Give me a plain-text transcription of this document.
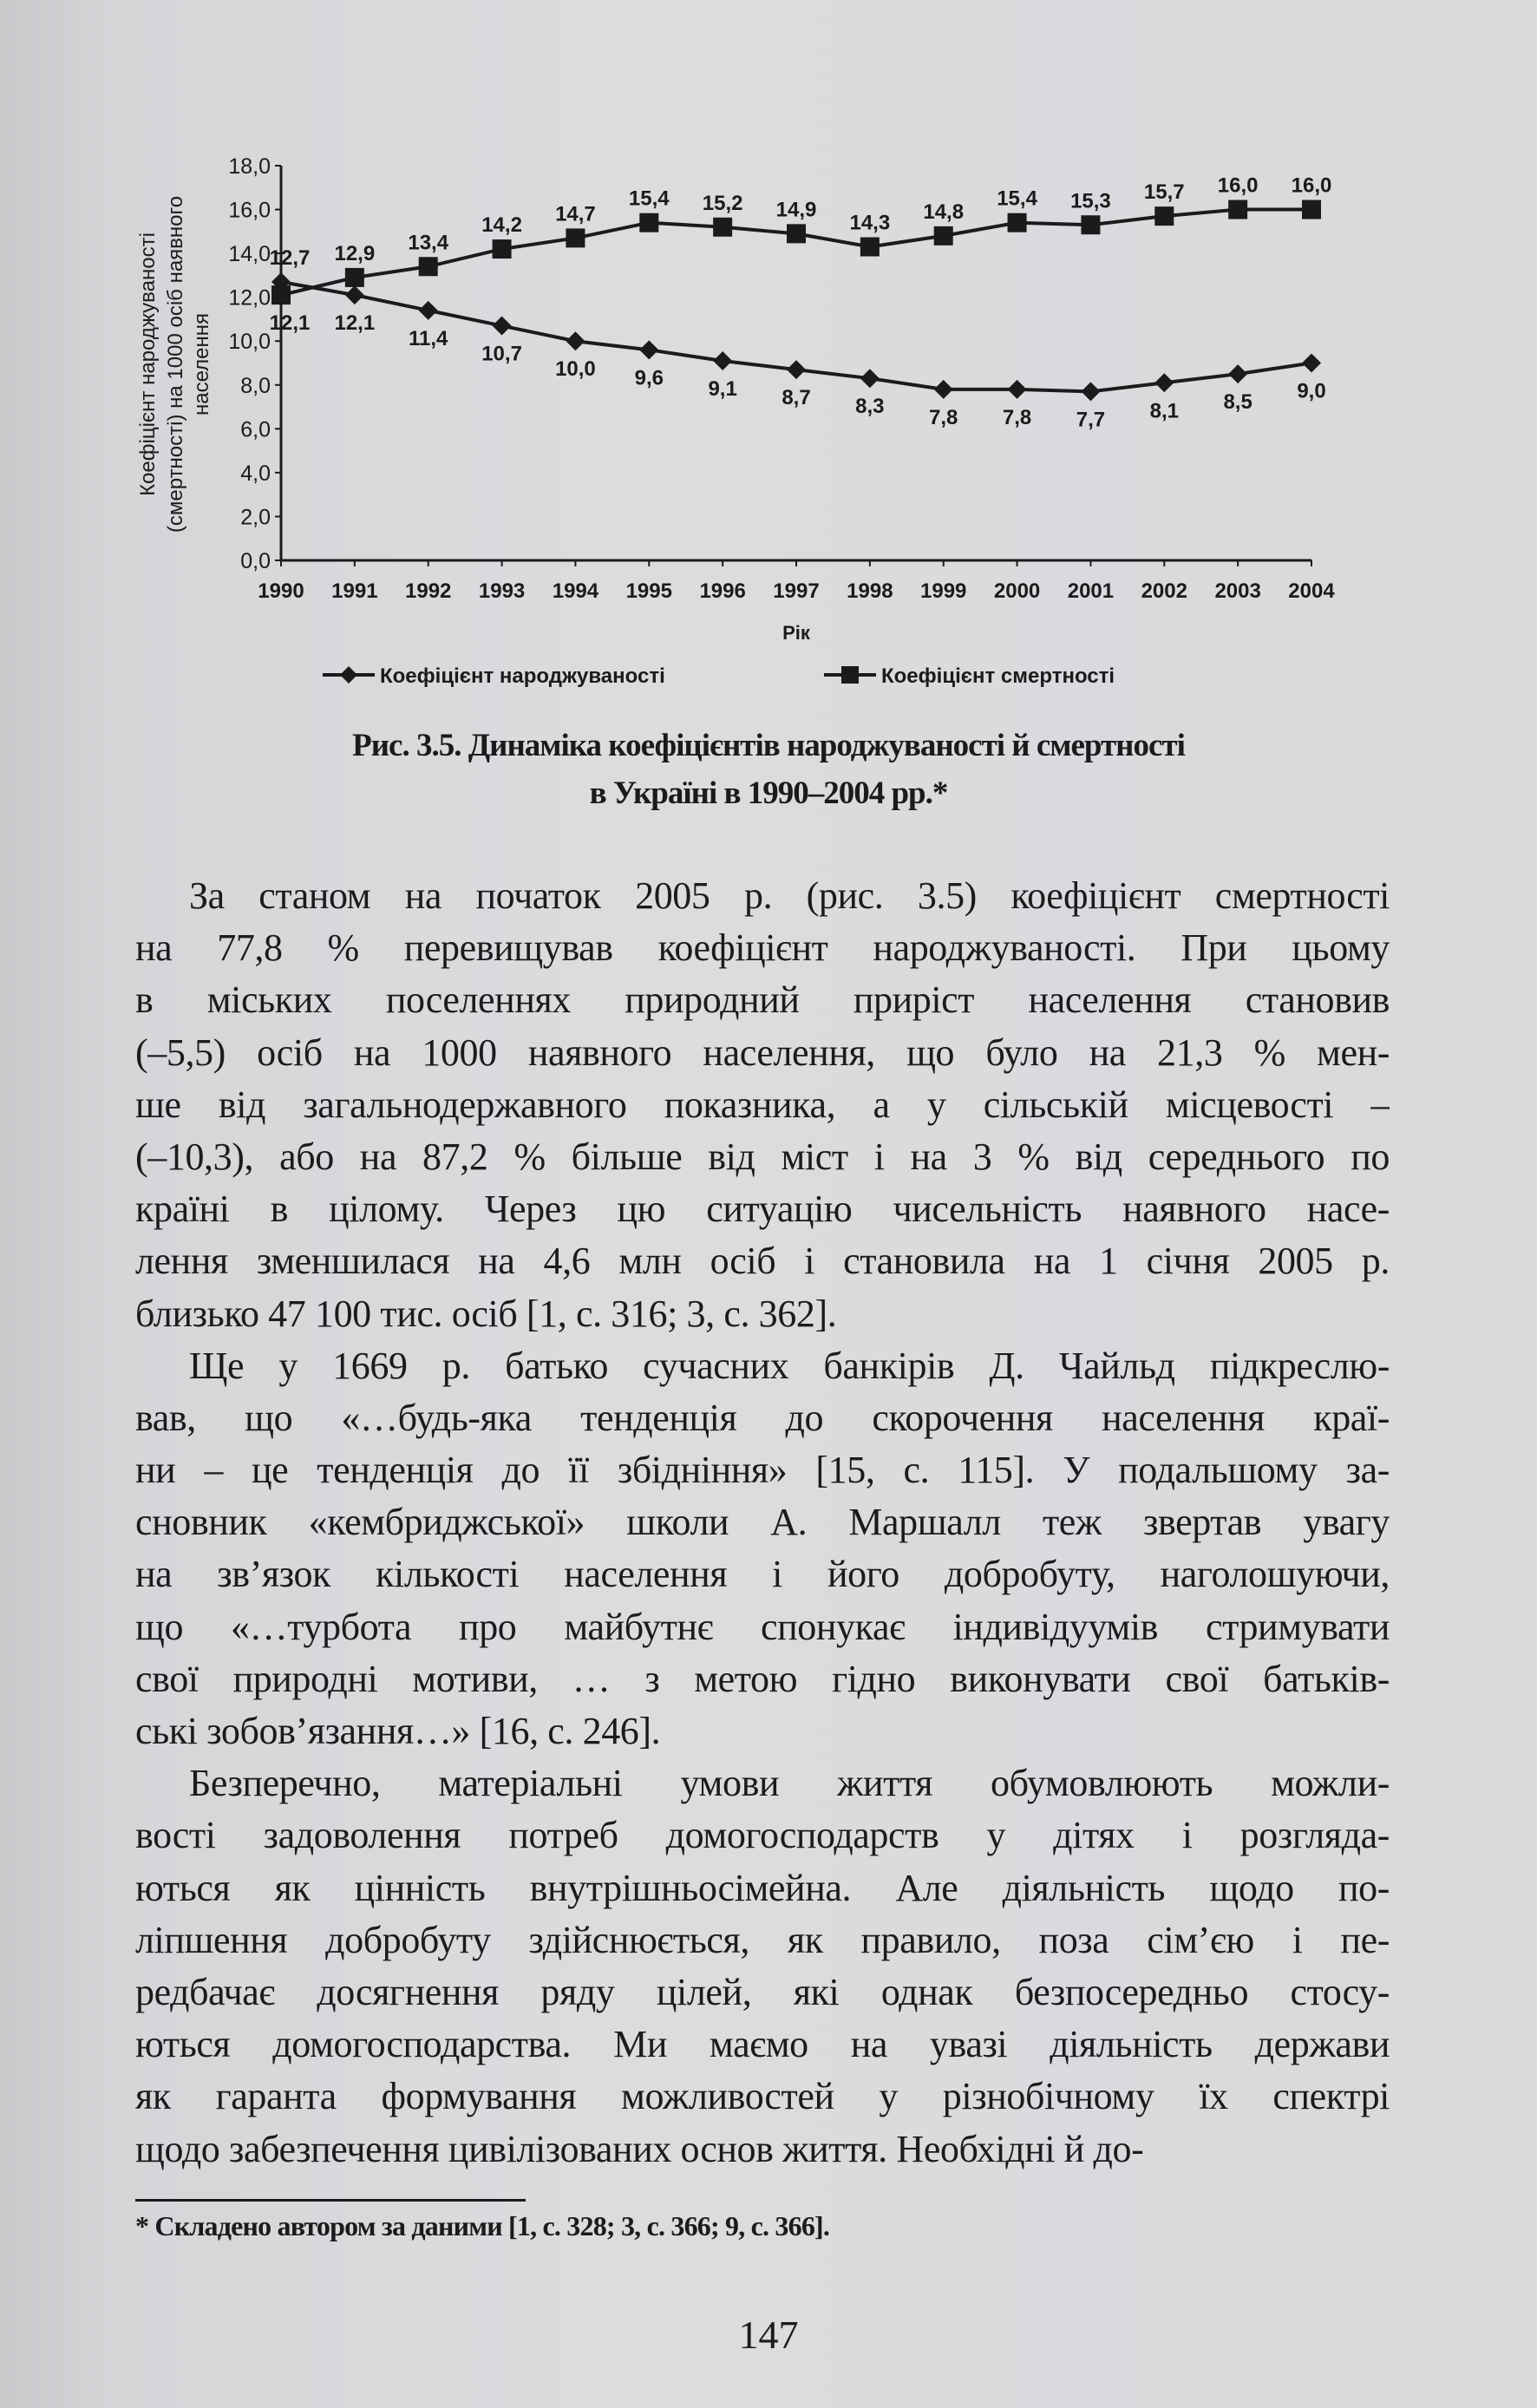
0,0
2,0
4,0
6,0
8,0
10,0
12,0
14,0
16,0
18,0
1990 1991 1992 1993 1994 1995 1996 1997 1998 1999 2000 2001 2002 2003 2004
Рік
Коефіцієнт народжуваності (смертності) на 1000 осіб наявного населення
12,7
12,1
11,4
10,7
10,0 9,6 9,1 8,7 8,3 7,8 7,8 7,7 8,1 8,5 9,0
12,1
12,9 13,4
14,2 14,7
15,4 15,2 14,9
14,3 14,8
15,4 15,3 15,7 16,0 16,0
Коефіцієнт народжуваності	Коефіцієнт смертності
Рис. 3.5. Динаміка коефіцієнтів народжуваності й смертності
в Україні в 1990–2004 рр.*
За станом на початок 2005 р. (рис. 3.5) коефіцієнт смертності
на 77,8 % перевищував коефіцієнт народжуваності. При цьому
в міських поселеннях природний приріст населення становив
(–5,5) осіб на 1000 наявного населення, що було на 21,3 % мен-
ше від загальнодержавного показника, а у сільській місцевості –
(–10,3), або на 87,2 % більше від міст і на 3 % від середнього по
країні в цілому. Через цю ситуацію чисельність наявного насе-
лення зменшилася на 4,6 млн осіб і становила на 1 січня 2005 р.
близько 47 100 тис. осіб [1, с. 316; 3, с. 362].
Ще у 1669 р. батько сучасних банкірів Д. Чайльд підкреслю-
вав, що «…будь-яка тенденція до скорочення населення краї-
ни – це тенденція до її збідніння» [15, с. 115]. У подальшому за-
сновник «кембриджської» школи А. Маршалл теж звертав увагу
на зв’язок кількості населення і його добробуту, наголошуючи,
що «…турбота про майбутнє спонукає індивідуумів стримувати
свої природні мотиви, … з метою гідно виконувати свої батьків-
ські зобов’язання…» [16, с. 246].
Безперечно, матеріальні умови життя обумовлюють можли-
вості задоволення потреб домогосподарств у дітях і розгляда-
ються як цінність внутрішньосімейна. Але діяльність щодо по-
ліпшення добробуту здійснюється, як правило, поза сім’єю і пе-
редбачає досягнення ряду цілей, які однак безпосередньо стосу-
ються домогосподарства. Ми маємо на увазі діяльність держави
як гаранта формування можливостей у різнобічному їх спектрі
щодо забезпечення цивілізованих основ життя. Необхідні й до-
* Складено автором за даними [1, с. 328; 3, с. 366; 9, с. 366].
147
